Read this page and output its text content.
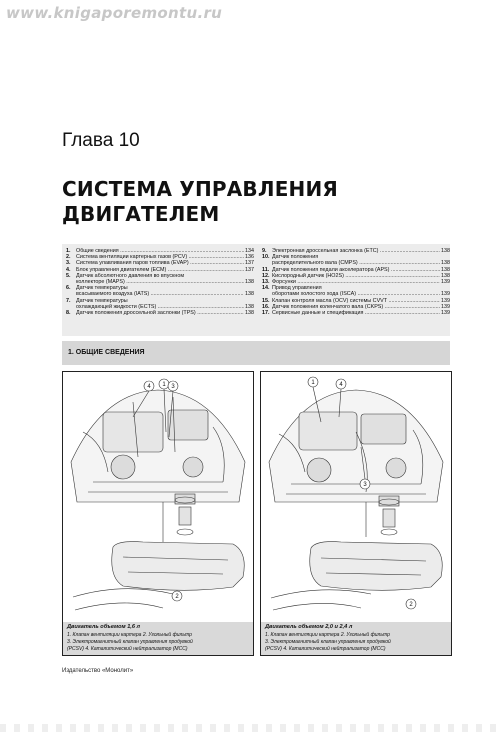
www.knigaporemontu.ru
Глава 10
СИСТЕМА УПРАВЛЕНИЯ
ДВИГАТЕЛЕМ
1.	Общие сведения .....	134
2.	Система вентиляции картерных газов (PCV) .....	136
3.	Система улавливания паров топлива (EVAP) .....	137
4.	Блок управления двигателем (ECM) .....	137
5.	Датчик абсолютного давления во впускном
коллекторе (MAPS) .....	138
6.	Датчик температуры
всасываемого воздуха (IATS) .....	138
7.	Датчик температуры
охлаждающей жидкости (ECTS) .....	138
8.	Датчик положения дроссельной заслонки (TPS) .....	138
9.	Электронная дроссельная заслонка (ETC) .....	138
10. Датчик положения
распределительного вала (CMPS) .....	138
11. Датчик положения педали акселератора (APS) .....	138
12. Кислородный датчик (HO2S) .....	138
13. Форсунки .....	139
14. Привод управления
оборотами холостого хода (ISCA) .....	139
15. Клапан контроля масла (OCV) системы CVVT .....	139
16. Датчик положения коленчатого вала (CKPS) .....	139
17. Сервисные данные и спецификация .....	139
1. ОБЩИЕ СВЕДЕНИЯ
4 1 3
2
Двигатель объемом 1,6 л
1. Клапан вентиляции картера 2. Угольный фильтр
3. Электромагнитный клапан управления продувкой
(PCSV) 4. Каталитический нейтрализатор (MCC)
1	4
3
2
Двигатель объемом 2,0 и 2,4 л
1. Клапан вентиляции картера 2. Угольный фильтр
3. Электромагнитный клапан управления продувкой
(PCSV) 4. Каталитический нейтрализатор (MCC)
Издательство «Монолит»
